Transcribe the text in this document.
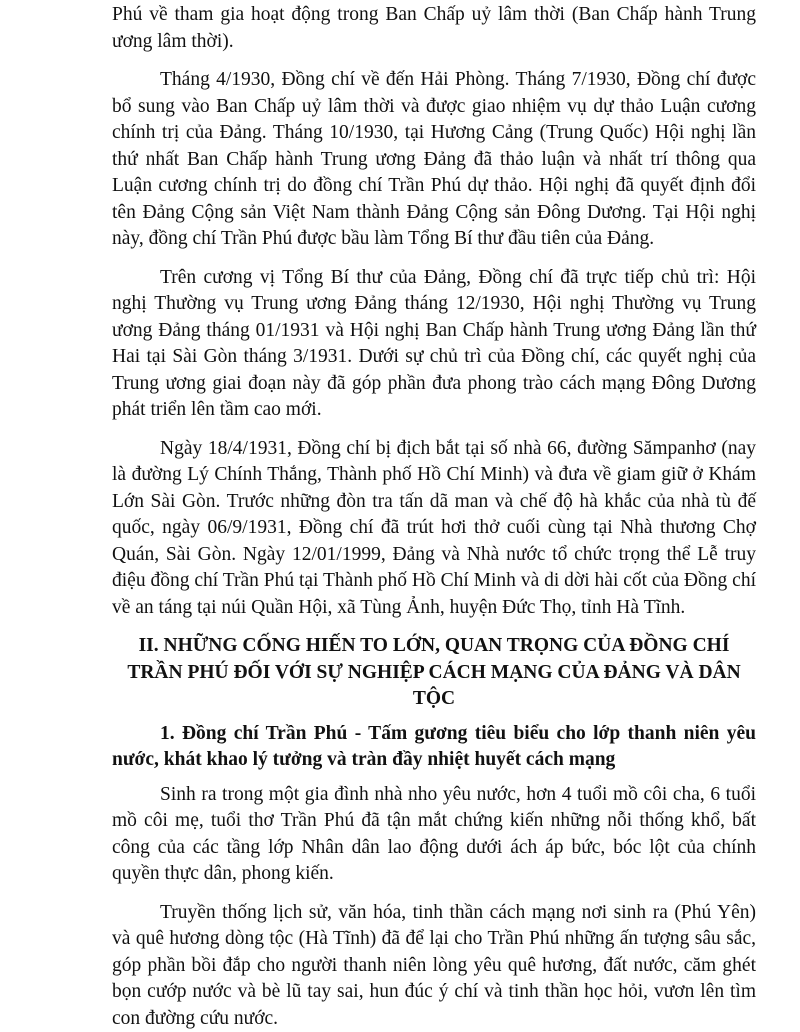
Phú về tham gia hoạt động trong Ban Chấp uỷ lâm thời (Ban Chấp hành Trung ương lâm thời).

Tháng 4/1930, Đồng chí về đến Hải Phòng. Tháng 7/1930, Đồng chí được bổ sung vào Ban Chấp uỷ lâm thời và được giao nhiệm vụ dự thảo Luận cương chính trị của Đảng. Tháng 10/1930, tại Hương Cảng (Trung Quốc) Hội nghị lần thứ nhất Ban Chấp hành Trung ương Đảng đã thảo luận và nhất trí thông qua Luận cương chính trị do đồng chí Trần Phú dự thảo. Hội nghị đã quyết định đổi tên Đảng Cộng sản Việt Nam thành Đảng Cộng sản Đông Dương. Tại Hội nghị này, đồng chí Trần Phú được bầu làm Tổng Bí thư đầu tiên của Đảng.

Trên cương vị Tổng Bí thư của Đảng, Đồng chí đã trực tiếp chủ trì: Hội nghị Thường vụ Trung ương Đảng tháng 12/1930, Hội nghị Thường vụ Trung ương Đảng tháng 01/1931 và Hội nghị Ban Chấp hành Trung ương Đảng lần thứ Hai tại Sài Gòn tháng 3/1931. Dưới sự chủ trì của Đồng chí, các quyết nghị của Trung ương giai đoạn này đã góp phần đưa phong trào cách mạng Đông Dương phát triển lên tầm cao mới.

Ngày 18/4/1931, Đồng chí bị địch bắt tại số nhà 66, đường Sămpanhơ (nay là đường Lý Chính Thắng, Thành phố Hồ Chí Minh) và đưa về giam giữ ở Khám Lớn Sài Gòn. Trước những đòn tra tấn dã man và chế độ hà khắc của nhà tù đế quốc, ngày 06/9/1931, Đồng chí đã trút hơi thở cuối cùng tại Nhà thương Chợ Quán, Sài Gòn. Ngày 12/01/1999, Đảng và Nhà nước tổ chức trọng thể Lễ truy điệu đồng chí Trần Phú tại Thành phố Hồ Chí Minh và di dời hài cốt của Đồng chí về an táng tại núi Quần Hội, xã Tùng Ảnh, huyện Đức Thọ, tỉnh Hà Tĩnh.

II. NHỮNG CỐNG HIẾN TO LỚN, QUAN TRỌNG CỦA ĐỒNG CHÍ TRẦN PHÚ ĐỐI VỚI SỰ NGHIỆP CÁCH MẠNG CỦA ĐẢNG VÀ DÂN TỘC

1. Đồng chí Trần Phú - Tấm gương tiêu biểu cho lớp thanh niên yêu nước, khát khao lý tưởng và tràn đầy nhiệt huyết cách mạng

Sinh ra trong một gia đình nhà nho yêu nước, hơn 4 tuổi mồ côi cha, 6 tuổi mồ côi mẹ, tuổi thơ Trần Phú đã tận mắt chứng kiến những nỗi thống khổ, bất công của các tầng lớp Nhân dân lao động dưới ách áp bức, bóc lột của chính quyền thực dân, phong kiến.

Truyền thống lịch sử, văn hóa, tinh thần cách mạng nơi sinh ra (Phú Yên) và quê hương dòng tộc (Hà Tĩnh) đã để lại cho Trần Phú những ấn tượng sâu sắc, góp phần bồi đắp cho người thanh niên lòng yêu quê hương, đất nước, căm ghét bọn cướp nước và bè lũ tay sai, hun đúc ý chí và tinh thần học hỏi, vươn lên tìm con đường cứu nước.
